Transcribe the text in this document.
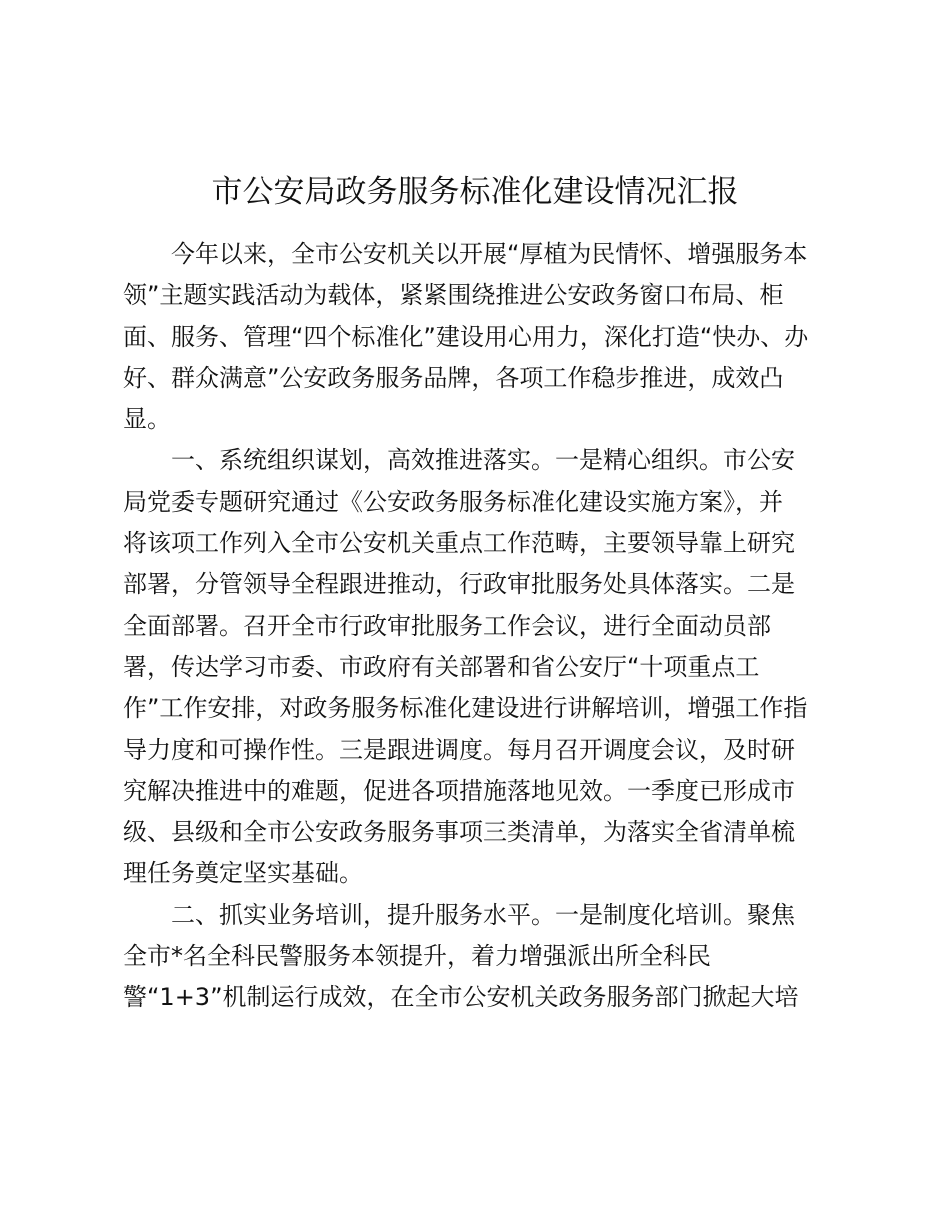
市公安局政务服务标准化建设情况汇报
今年以来，全市公安机关以开展“厚植为民情怀、增强服务本
领”主题实践活动为载体，紧紧围绕推进公安政务窗口布局、柜
面、服务、管理“四个标准化”建设用心用力，深化打造“快办、办
好、群众满意”公安政务服务品牌，各项工作稳步推进，成效凸
显。
一、系统组织谋划，高效推进落实。一是精心组织。市公安
局党委专题研究通过《公安政务服务标准化建设实施方案》，并
将该项工作列入全市公安机关重点工作范畴，主要领导靠上研究
部署，分管领导全程跟进推动，行政审批服务处具体落实。二是
全面部署。召开全市行政审批服务工作会议，进行全面动员部
署，传达学习市委、市政府有关部署和省公安厅“十项重点工
作”工作安排，对政务服务标准化建设进行讲解培训，增强工作指
导力度和可操作性。三是跟进调度。每月召开调度会议，及时研
究解决推进中的难题，促进各项措施落地见效。一季度已形成市
级、县级和全市公安政务服务事项三类清单，为落实全省清单梳
理任务奠定坚实基础。
二、抓实业务培训，提升服务水平。一是制度化培训。聚焦
全市*名全科民警服务本领提升，着力增强派出所全科民
警“1+3”机制运行成效，在全市公安机关政务服务部门掀起大培
